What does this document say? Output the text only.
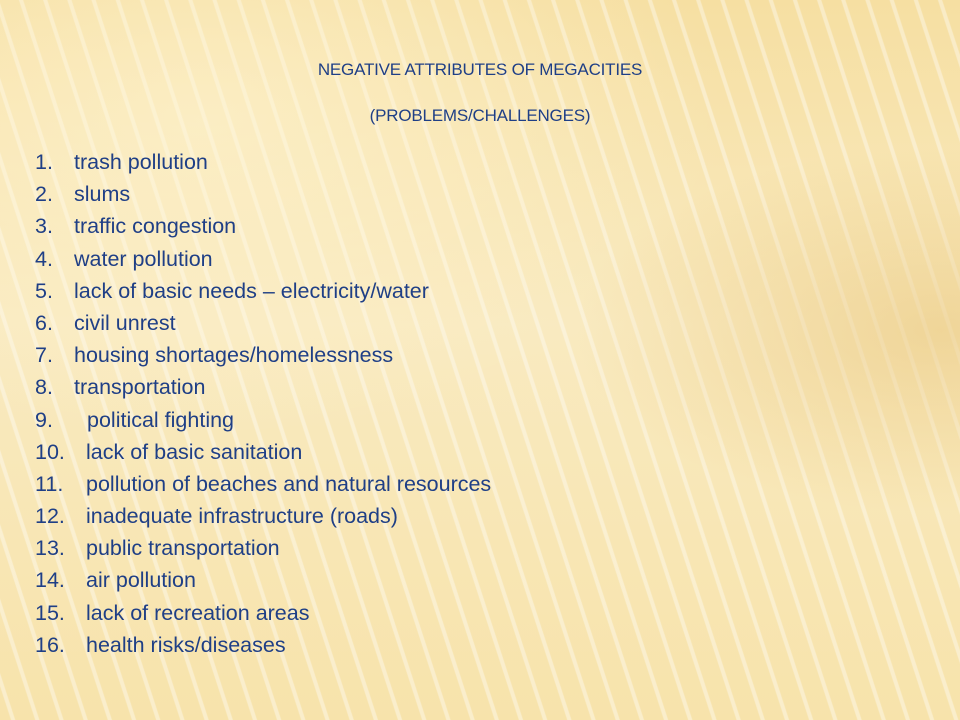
NEGATIVE ATTRIBUTES OF MEGACITIES
(PROBLEMS/CHALLENGES)
1. trash pollution
2. slums
3. traffic congestion
4. water pollution
5. lack of basic needs – electricity/water
6. civil unrest
7. housing shortages/homelessness
8. transportation
9.	political fighting
10. lack of basic sanitation
11.	pollution of beaches and natural resources
12. inadequate infrastructure (roads)
13. public transportation
14. air pollution
15. lack of recreation areas
16. health risks/diseases
